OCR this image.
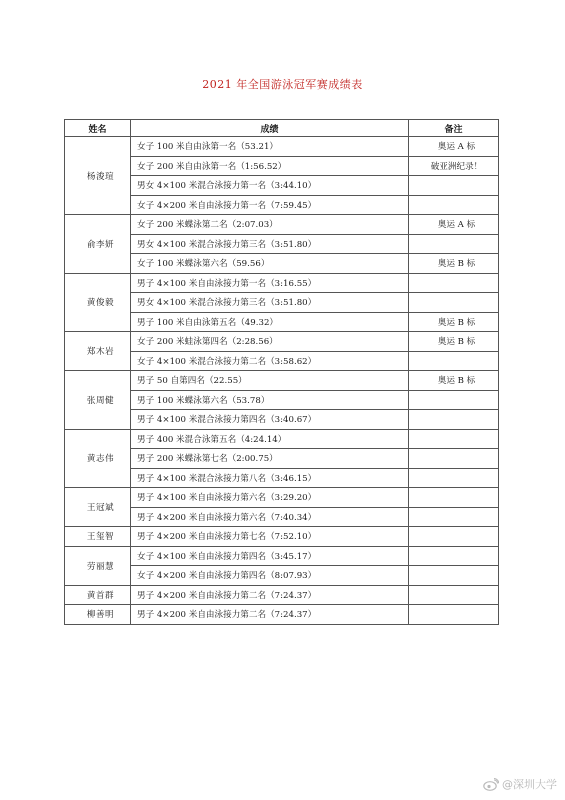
2021 年全国游泳冠军赛成绩表
姓名	成绩	备注
杨浚瑄	女子 100 米自由泳第一名（53.21）	奥运 A 标
	女子 200 米自由泳第一名（1:56.52）	破亚洲纪录！
	男女 4×100 米混合泳接力第一名（3:44.10）	
	女子 4×200 米自由泳接力第一名（7:59.45）	
俞李妍	女子 200 米蝶泳第二名（2:07.03）	奥运 A 标
	男女 4×100 米混合泳接力第三名（3:51.80）	
	女子 100 米蝶泳第六名（59.56）	奥运 B 标
黄俊毅	男子 4×100 米自由泳接力第一名（3:16.55）	
	男女 4×100 米混合泳接力第三名（3:51.80）	
	男子 100 米自由泳第五名（49.32）	奥运 B 标
郑木岩	女子 200 米蛙泳第四名（2:28.56）	奥运 B 标
	女子 4×100 米混合泳接力第二名（3:58.62）	
张周健	男子 50 自第四名（22.55）	奥运 B 标
	男子 100 米蝶泳第六名（53.78）	
	男子 4×100 米混合泳接力第四名（3:40.67）	
黄志伟	男子 400 米混合泳第五名（4:24.14）	
	男子 200 米蝶泳第七名（2:00.75）	
	男子 4×100 米混合泳接力第八名（3:46.15）	
王冠斌	男子 4×100 米自由泳接力第六名（3:29.20）	
	男子 4×200 米自由泳接力第六名（7:40.34）	
王玺智	男子 4×200 米自由泳接力第七名（7:52.10）	
劳丽慧	女子 4×100 米自由泳接力第四名（3:45.17）	
	女子 4×200 米自由泳接力第四名（8:07.93）	
黄首群	男子 4×200 米自由泳接力第二名（7:24.37）	
柳善明	男子 4×200 米自由泳接力第二名（7:24.37）	
@深圳大学
